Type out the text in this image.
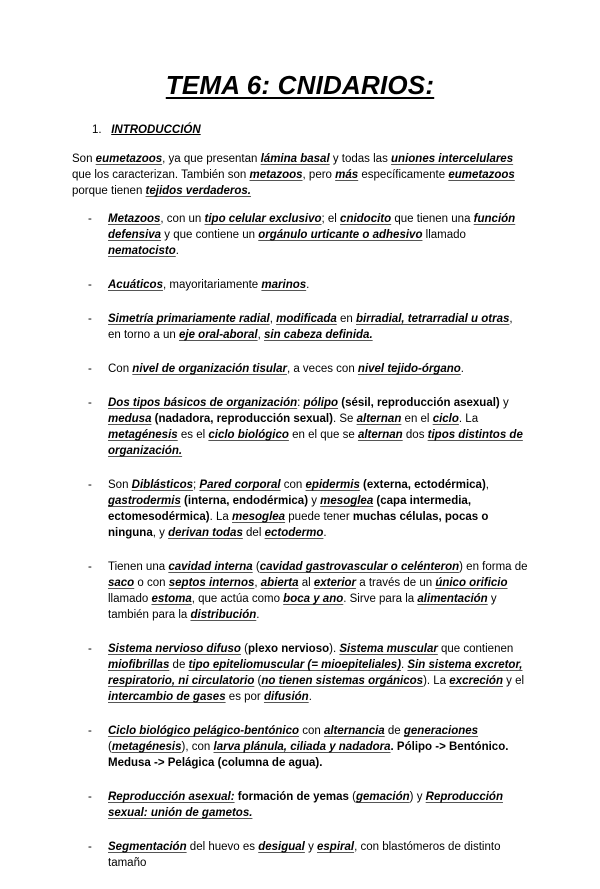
TEMA 6: CNIDARIOS:
1. INTRODUCCIÓN

Son eumetazoos, ya que presentan lámina basal y todas las uniones intercelulares que los caracterizan. También son metazoos, pero más específicamente eumetazoos porque tienen tejidos verdaderos.

- Metazoos, con un tipo celular exclusivo; el cnidocito que tienen una función defensiva y que contiene un orgánulo urticante o adhesivo llamado nematocisto.
- Acuáticos, mayoritariamente marinos.
- Simetría primariamente radial, modificada en birradial, tetrarradial u otras, en torno a un eje oral-aboral, sin cabeza definida.
- Con nivel de organización tisular, a veces con nivel tejido-órgano.
- Dos tipos básicos de organización: pólipo (sésil, reproducción asexual) y medusa (nadadora, reproducción sexual). Se alternan en el ciclo. La metagénesis es el ciclo biológico en el que se alternan dos tipos distintos de organización.
- Son Diblásticos; Pared corporal con epidermis (externa, ectodérmica), gastrodermis (interna, endodérmica) y mesoglea (capa intermedia, ectomesodérmica). La mesoglea puede tener muchas células, pocas o ninguna, y derivan todas del ectodermo.
- Tienen una cavidad interna (cavidad gastrovascular o celénteron) en forma de saco o con septos internos, abierta al exterior a través de un único orificio llamado estoma, que actúa como boca y ano. Sirve para la alimentación y también para la distribución.
- Sistema nervioso difuso (plexo nervioso). Sistema muscular que contienen miofibrillas de tipo epiteliomuscular (= mioepiteliales). Sin sistema excretor, respiratorio, ni circulatorio (no tienen sistemas orgánicos). La excreción y el intercambio de gases es por difusión.
- Ciclo biológico pelágico-bentónico con alternancia de generaciones (metagénesis), con larva plánula, ciliada y nadadora. Pólipo -> Bentónico. Medusa -> Pelágica (columna de agua).
- Reproducción asexual: formación de yemas (gemación) y Reproducción sexual: unión de gametos.
- Segmentación del huevo es desigual y espiral, con blastómeros de distinto tamaño
